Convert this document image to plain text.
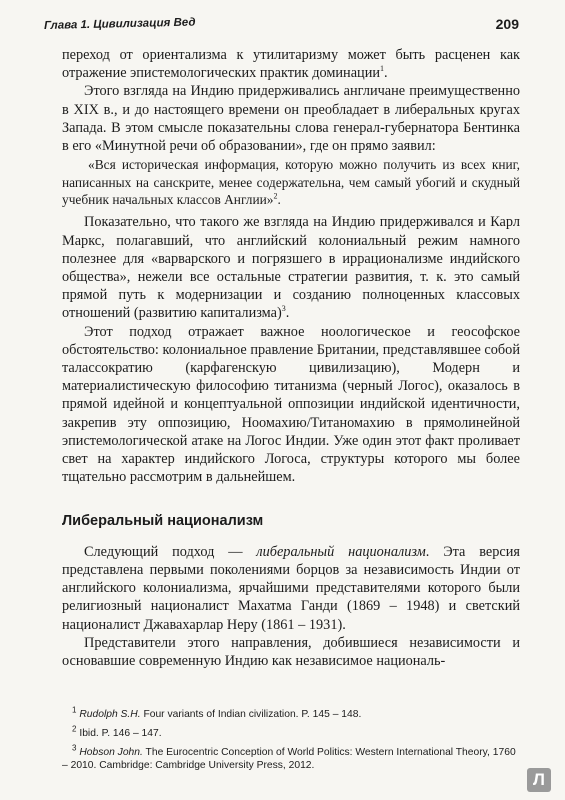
Глава 1. Цивилизация Вед	209

переход от ориентализма к утилитаризму может быть расценен как отражение эпистемологических практик доминации$^1$.

Этого взгляда на Индию придерживались англичане преимущественно в XIX в., и до настоящего времени он преобладает в либеральных кругах Запада. В этом смысле показательны слова генерал-губернатора Бентинка в его «Минутной речи об образовании», где он прямо заявил:

«Вся историческая информация, которую можно получить из всех книг, написанных на санскрите, менее содержательна, чем самый убогий и скудный учебник начальных классов Англии»$^2$.

Показательно, что такого же взгляда на Индию придерживался и Карл Маркс, полагавший, что английский колониальный режим намного полезнее для «варварского и погрязшего в иррационализме индийского общества», нежели все остальные стратегии развития, т. к. это самый прямой путь к модернизации и созданию полноценных классовых отношений (развитию капитализма)$^3$.

Этот подход отражает важное ноологическое и геософское обстоятельство: колониальное правление Британии, представлявшее собой талассократию (карфагенскую цивилизацию), Модерн и материалистическую философию титанизма (черный Логос), оказалось в прямой идейной и концептуальной оппозиции индийской идентичности, закрепив эту оппозицию, Ноомахию/Титаномахию в прямолинейной эпистемологической атаке на Логос Индии. Уже один этот факт проливает свет на характер индийского Логоса, структуры которого мы более тщательно рассмотрим в дальнейшем.

Либеральный национализм

Следующий подход — либеральный национализм. Эта версия представлена первыми поколениями борцов за независимость Индии от английского колониализма, ярчайшими представителями которого были религиозный националист Махатма Ганди (1869 – 1948) и светский националист Джавахарлар Неру (1861 – 1931).

Представители этого направления, добившиеся независимости и основавшие современную Индию как независимое националь-

$^1$ Rudolph S.H. Four variants of Indian civilization. P. 145 – 148.

$^2$ Ibid. P. 146 – 147.

$^3$ Hobson John. The Eurocentric Conception of World Politics: Western International Theory, 1760 – 2010. Cambridge: Cambridge University Press, 2012.

Л
